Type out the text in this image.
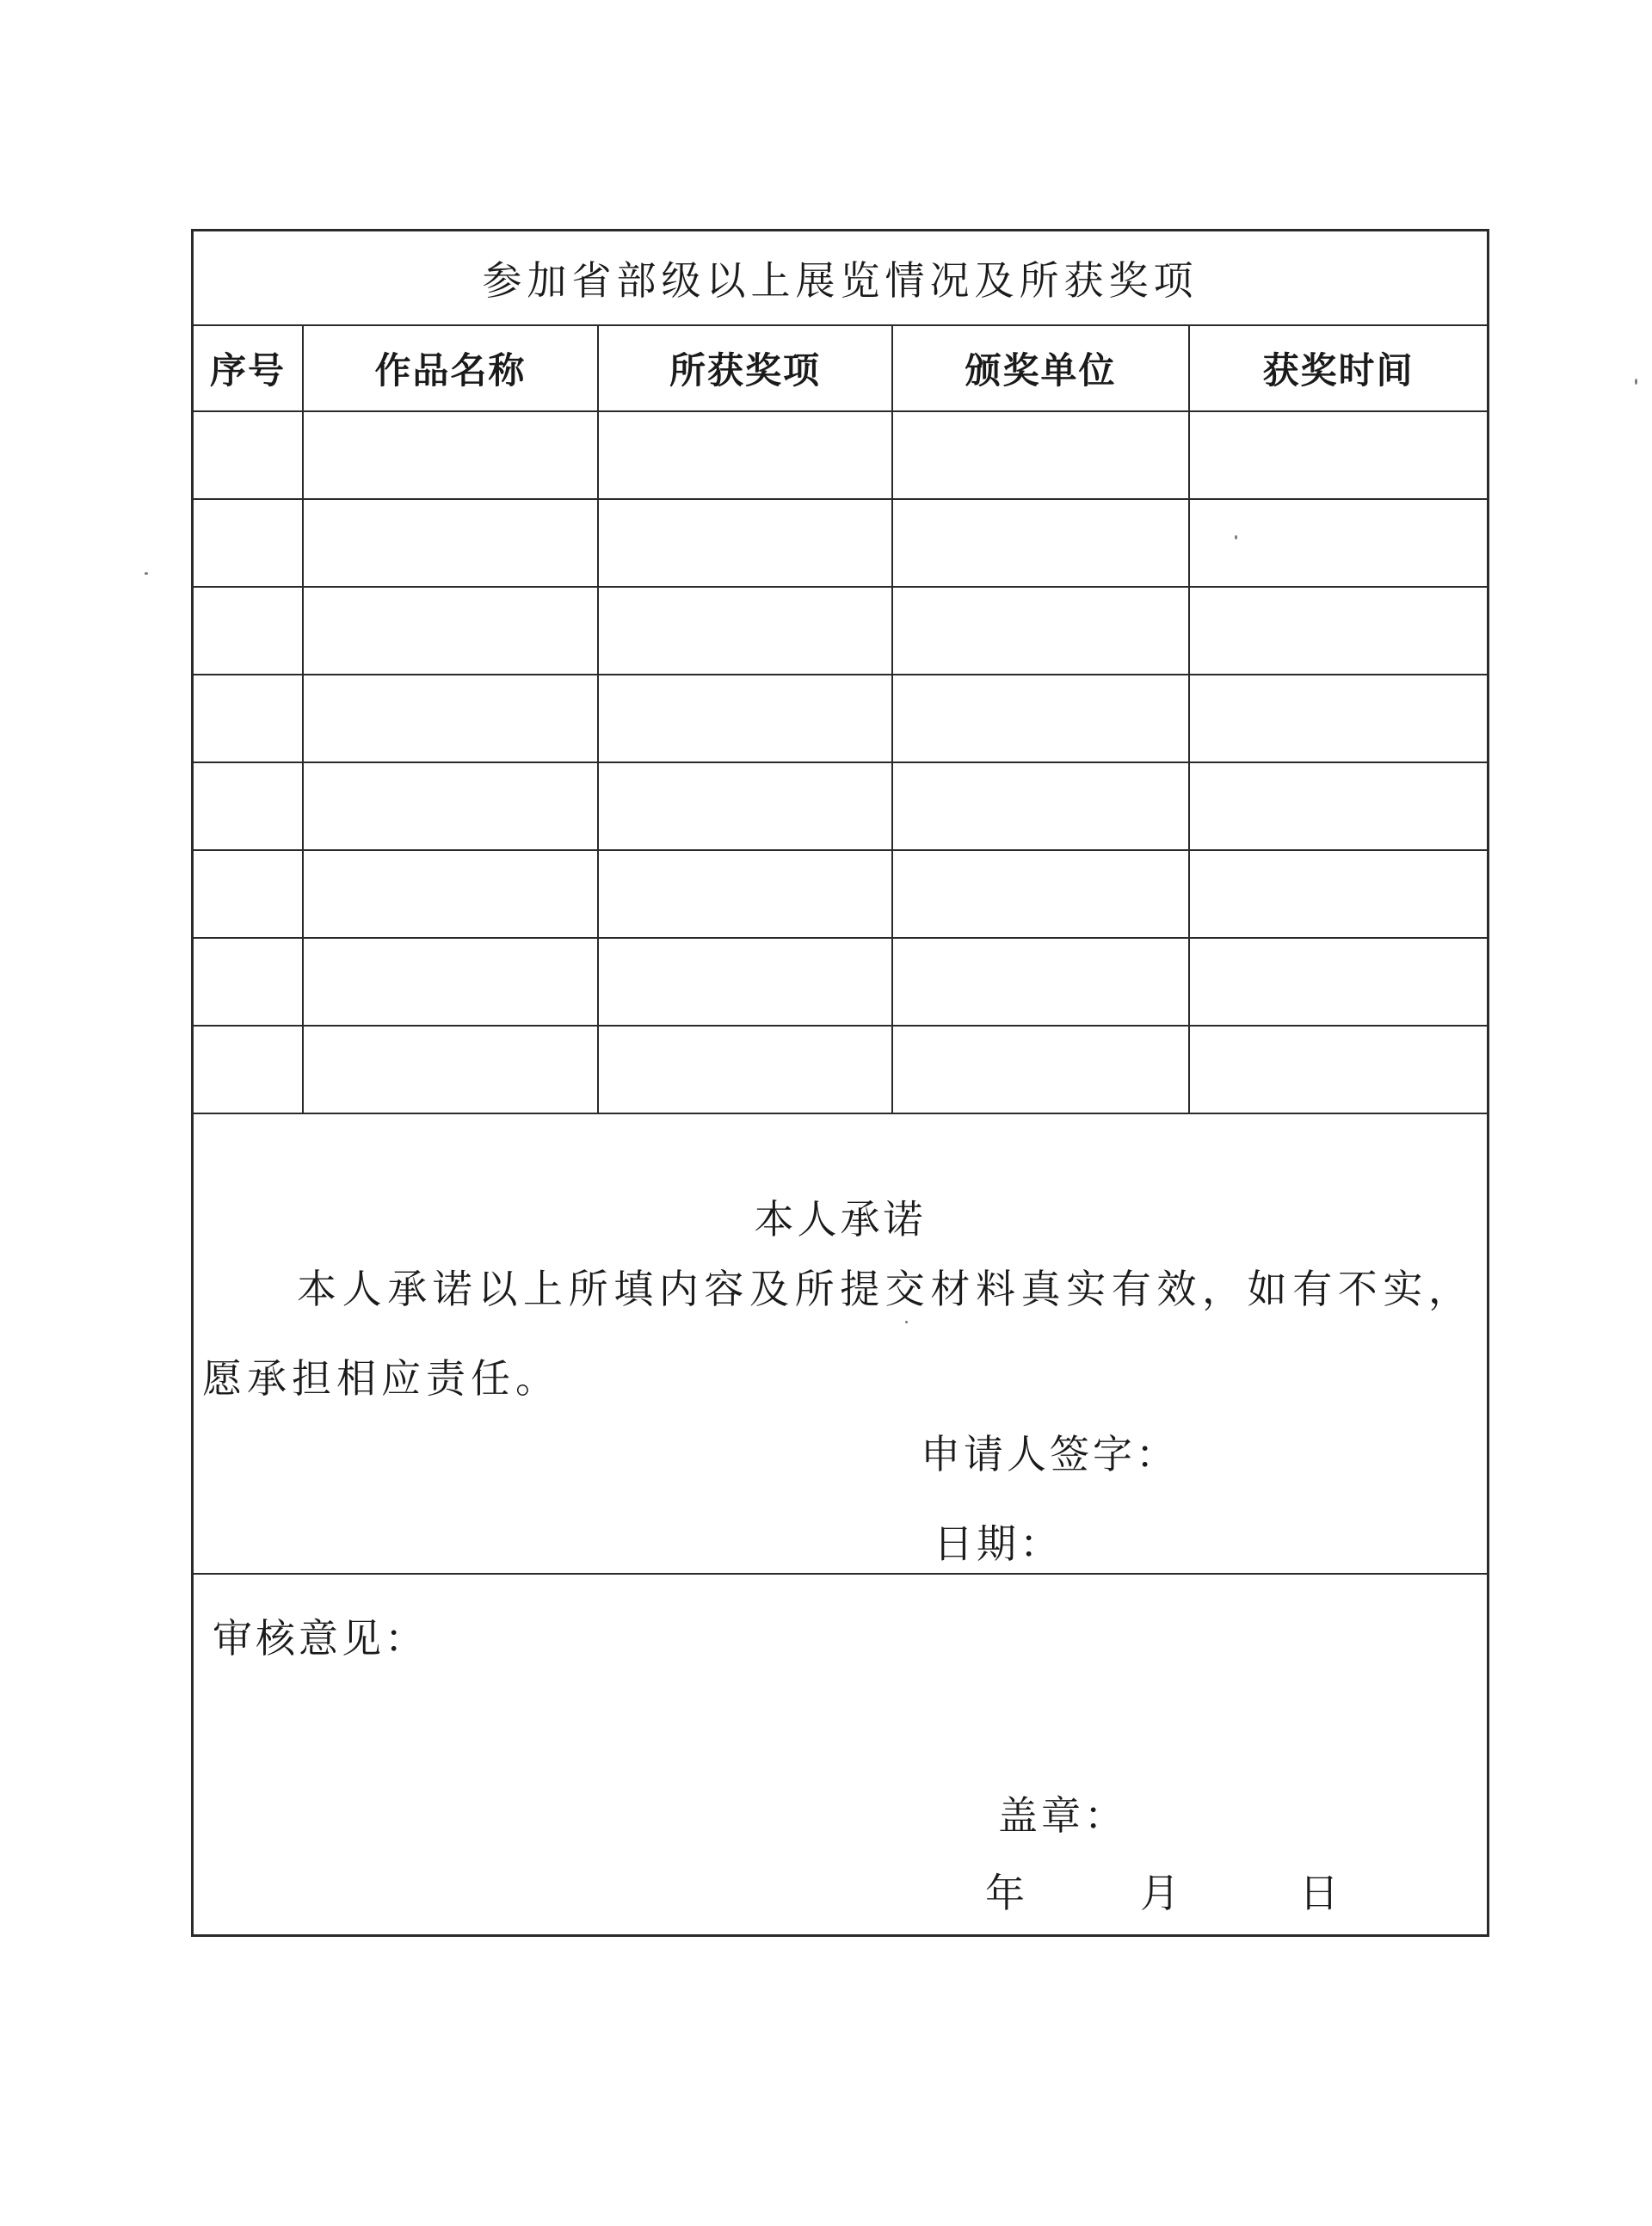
参加省部级以上展览情况及所获奖项
序号	作品名称	所获奖项	颁奖单位	获奖时间

本人承诺
本人承诺以上所填内容及所提交材料真实有效，如有不实，愿承担相应责任。
申请人签字：
日期：
审核意见：
盖章：
年	月	日
